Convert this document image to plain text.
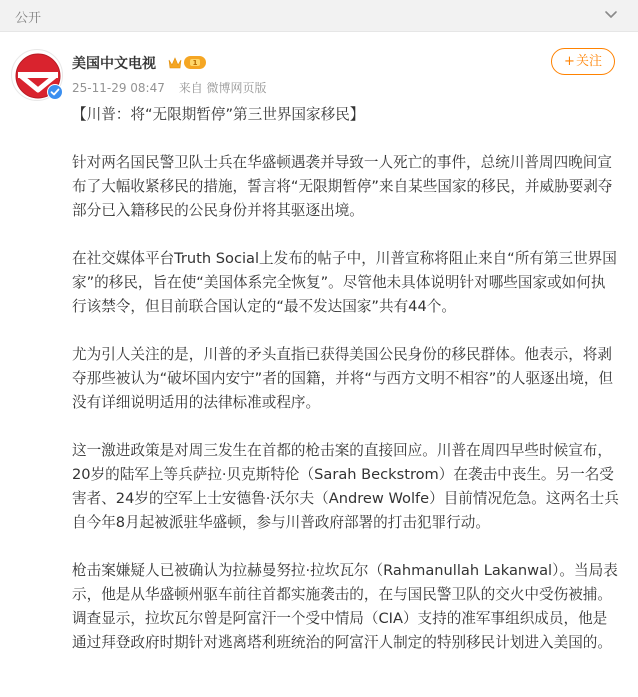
公开
美国中文电视	1
25-11-29 08:47 来自 微博网页版
+关注

【川普：将“无限期暂停”第三世界国家移民】

针对两名国民警卫队士兵在华盛顿遇袭并导致一人死亡的事件，总统川普周四晚间宣布了大幅收紧移民的措施，誓言将“无限期暂停”来自某些国家的移民，并威胁要剥夺部分已入籍移民的公民身份并将其驱逐出境。

在社交媒体平台Truth Social上发布的帖子中，川普宣称将阻止来自“所有第三世界国家”的移民，旨在使“美国体系完全恢复”。尽管他未具体说明针对哪些国家或如何执行该禁令，但目前联合国认定的“最不发达国家”共有44个。

尤为引人关注的是，川普的矛头直指已获得美国公民身份的移民群体。他表示，将剥夺那些被认为“破坏国内安宁”者的国籍，并将“与西方文明不相容”的人驱逐出境，但没有详细说明适用的法律标准或程序。

这一激进政策是对周三发生在首都的枪击案的直接回应。川普在周四早些时候宣布，20岁的陆军上等兵萨拉·贝克斯特伦（Sarah Beckstrom）在袭击中丧生。另一名受害者、24岁的空军上士安德鲁·沃尔夫（Andrew Wolfe）目前情况危急。这两名士兵自今年8月起被派驻华盛顿，参与川普政府部署的打击犯罪行动。

枪击案嫌疑人已被确认为拉赫曼努拉·拉坎瓦尔（Rahmanullah Lakanwal）。当局表示，他是从华盛顿州驱车前往首都实施袭击的，在与国民警卫队的交火中受伤被捕。调查显示，拉坎瓦尔曾是阿富汗一个受中情局（CIA）支持的准军事组织成员，他是通过拜登政府时期针对逃离塔利班统治的阿富汗人制定的特别移民计划进入美国的。
